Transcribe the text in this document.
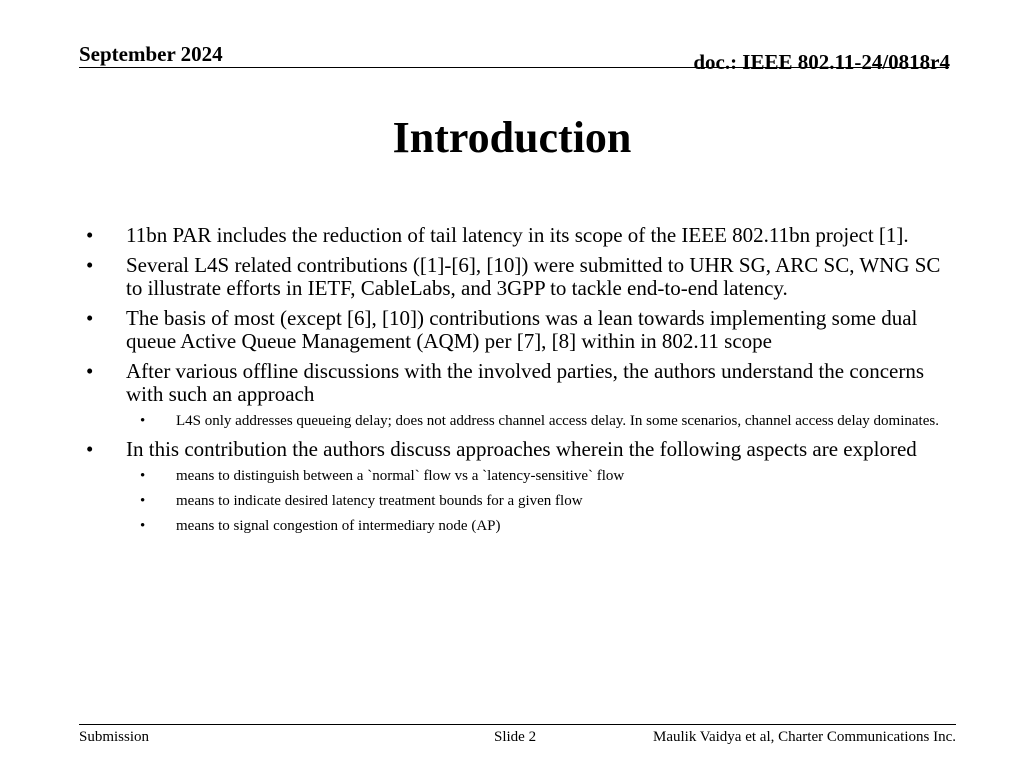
September 2024	doc.: IEEE 802.11-24/0818r4
Introduction
• 11bn PAR includes the reduction of tail latency in its scope of the IEEE 802.11bn project [1].
• Several L4S related contributions ([1]-[6], [10]) were submitted to UHR SG, ARC SC, WNG SC to illustrate efforts in IETF, CableLabs, and 3GPP to tackle end-to-end latency.
• The basis of most (except [6], [10]) contributions was a lean towards implementing some dual queue Active Queue Management (AQM) per [7], [8] within in 802.11 scope
• After various offline discussions with the involved parties, the authors understand the concerns with such an approach
• L4S only addresses queueing delay; does not address channel access delay. In some scenarios, channel access delay dominates.
• In this contribution the authors discuss approaches wherein the following aspects are explored
• means to distinguish between a `normal` flow vs a `latency-sensitive` flow
• means to indicate desired latency treatment bounds for a given flow
• means to signal congestion of intermediary node (AP)
Submission	Slide 2	Maulik Vaidya et al, Charter Communications Inc.
